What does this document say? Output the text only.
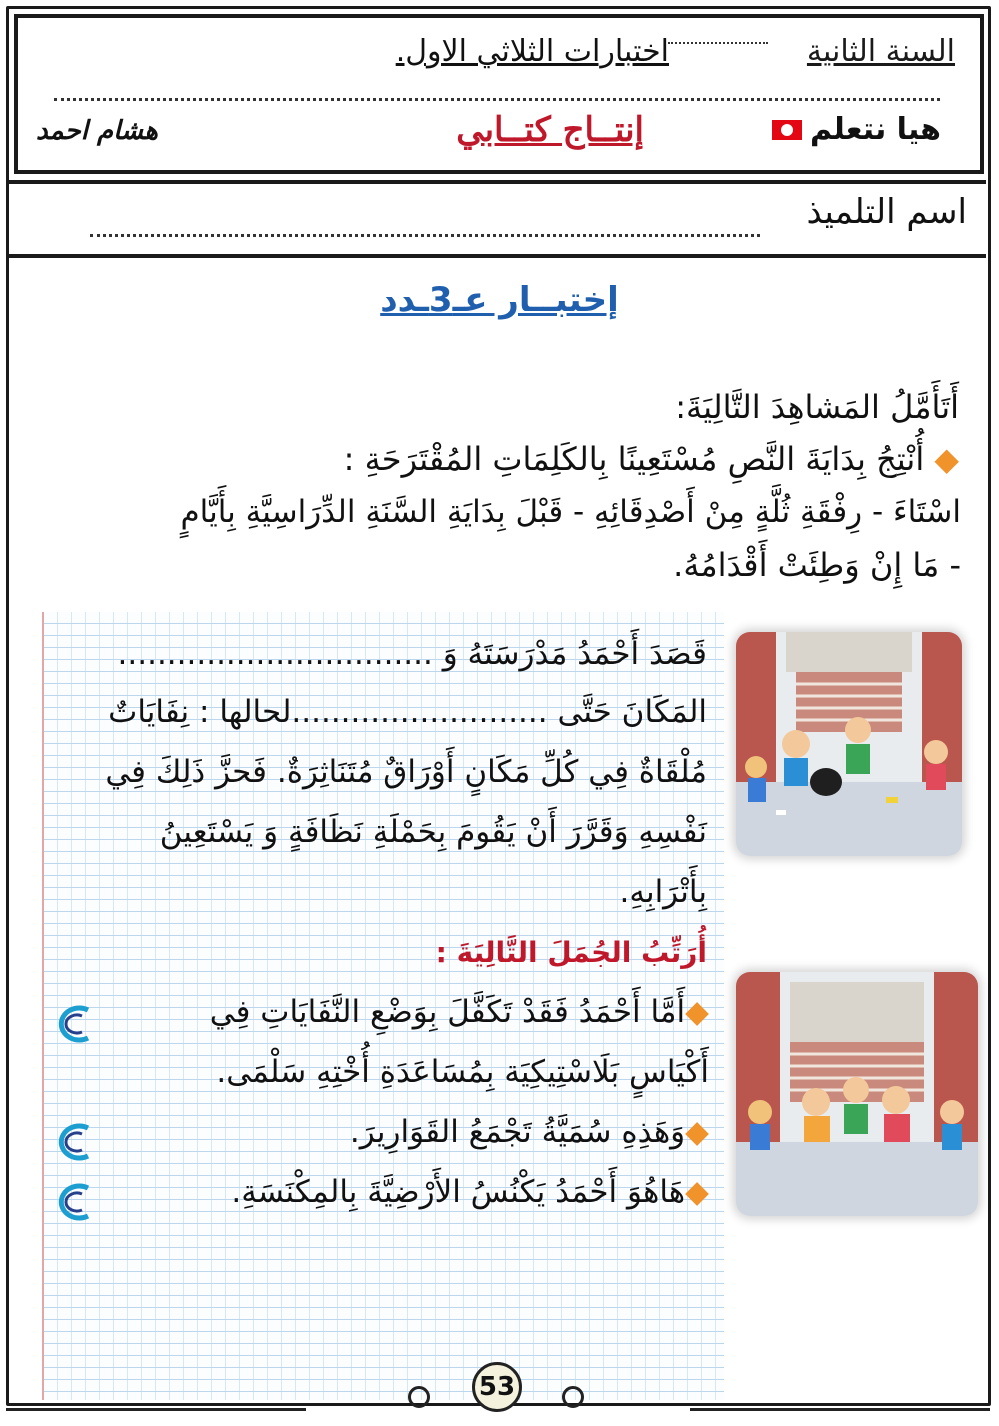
السنة الثانية
اختبارات الثلاثي الاول.
هيا نتعلم
إنتــاج كتــابي
هشام احمد
اسم التلميذ
إختبــار عـ3ـدد
أَتَأَمَّلُ المَشاهِدَ التَّالِيَةَ:
◆ أُنْتِجُ بِدَايَةَ النَّصِ مُسْتَعِينًا بِالكَلِمَاتِ المُقْتَرَحَةِ :
اسْتَاءَ - رِفْقَةِ ثُلَّةٍ مِنْ أَصْدِقَائِهِ - قَبْلَ بِدَايَةِ السَّنَةِ الدِّرَاسِيَّةِ بِأَيَّامٍ
- مَا إِنْ وَطِئَتْ أَقْدَامُهُ.
قَصَدَ أَحْمَدُ مَدْرَسَتَهُ وَ ................................
المَكَانَ حَتَّى ..........................لحالها : نِفَايَاتٌ
مُلْقَاةٌ فِي كُلِّ مَكَانٍ أَوْرَاقٌ مُتَنَاثِرَةٌ. فَحزَّ ذَلِكَ فِي
نَفْسِهِ وَقَرَّرَ أَنْ يَقُومَ بِحَمْلَةِ نَظَافَةٍ وَ يَسْتَعِينُ
بِأَتْرَابِهِ.
أُرَتِّبُ الجُمَلَ التَّالِيَةَ :
◆أَمَّا أَحْمَدُ فَقَدْ تَكَفَّلَ بِوَضْعِ النَّفَايَاتِ فِي
أَكْيَاسٍ بَلَاسْتِيكِيَة بِمُسَاعَدَةِ أُخْتِهِ سَلْمَى.
◆وَهَذِهِ سُمَيَّةُ تَجْمَعُ القَوَارِيرَ.
◆هَاهُوَ أَحْمَدُ يَكْنُسُ الأَرْضِيَّةَ بِالمِكْنَسَةِ.
53
